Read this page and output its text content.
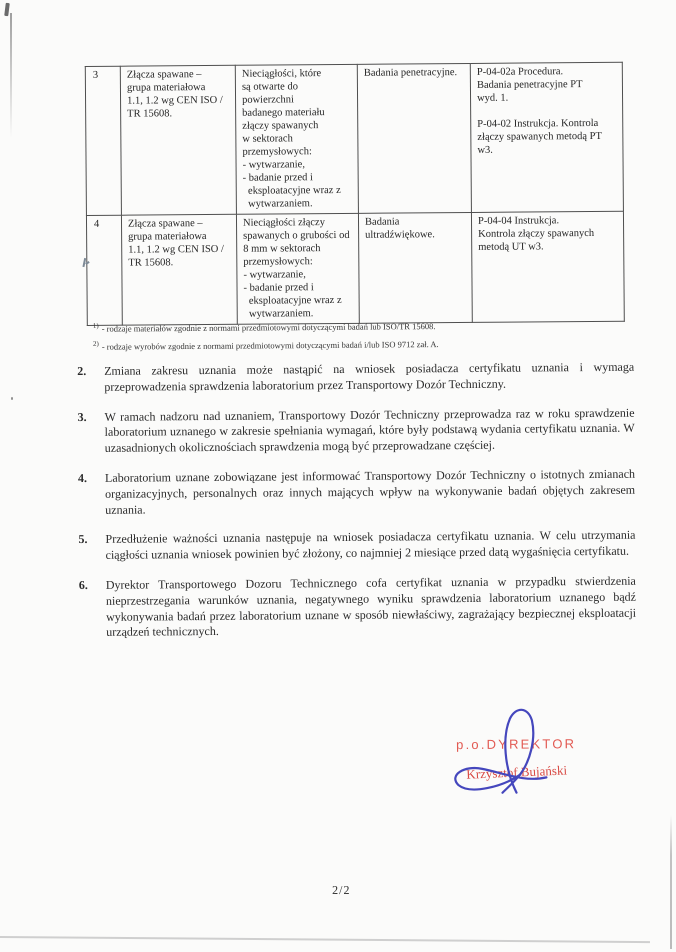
3	Złącza spawane –
grupa materiałowa
1.1, 1.2 wg CEN ISO /
TR 15608.	Nieciągłości, które
są otwarte do
powierzchni
badanego materiału
złączy spawanych
w sektorach
przemysłowych:
- wytwarzanie,
- badanie przed i
eksploatacyjne wraz z
wytwarzaniem.	Badania penetracyjne.	P-04-02a Procedura.
Badania penetracyjne PT
wyd. 1.

P-04-02 Instrukcja. Kontrola
złączy spawanych metodą PT
w3.
4	Złącza spawane –
grupa materiałowa
1.1, 1.2 wg CEN ISO /
TR 15608.	Nieciągłości złączy
spawanych o grubości od
8 mm w sektorach
przemysłowych:
- wytwarzanie,
- badanie przed i
eksploatacyjne wraz z
wytwarzaniem.	Badania
ultradźwiękowe.	P-04-04 Instrukcja.
Kontrola złączy spawanych
metodą UT w3.
$^{1)}$ - rodzaje materiałów zgodnie z normami przedmiotowymi dotyczącymi badań lub ISO/TR 15608.
$^{2)}$ - rodzaje wyrobów zgodnie z normami przedmiotowymi dotyczącymi badań i/lub ISO 9712 zał. A.
2.	Zmiana zakresu uznania może nastąpić na wniosek posiadacza certyfikatu uznania i wymaga przeprowadzenia sprawdzenia laboratorium przez Transportowy Dozór Techniczny.
3.	W ramach nadzoru nad uznaniem, Transportowy Dozór Techniczny przeprowadza raz w roku sprawdzenie laboratorium uznanego w zakresie spełniania wymagań, które były podstawą wydania certyfikatu uznania. W uzasadnionych okolicznościach sprawdzenia mogą być przeprowadzane częściej.
4.	Laboratorium uznane zobowiązane jest informować Transportowy Dozór Techniczny o istotnych zmianach organizacyjnych, personalnych oraz innych mających wpływ na wykonywanie badań objętych zakresem uznania.
5.	Przedłużenie ważności uznania następuje na wniosek posiadacza certyfikatu uznania. W celu utrzymania ciągłości uznania wniosek powinien być złożony, co najmniej 2 miesiące przed datą wygaśnięcia certyfikatu.
6.	Dyrektor Transportowego Dozoru Technicznego cofa certyfikat uznania w przypadku stwierdzenia nieprzestrzegania warunków uznania, negatywnego wyniku sprawdzenia laboratorium uznanego bądź wykonywania badań przez laboratorium uznane w sposób niewłaściwy, zagrażający bezpiecznej eksploatacji urządzeń technicznych.
p.o.DYREKTOR
Krzysztof Bujański
2/2
